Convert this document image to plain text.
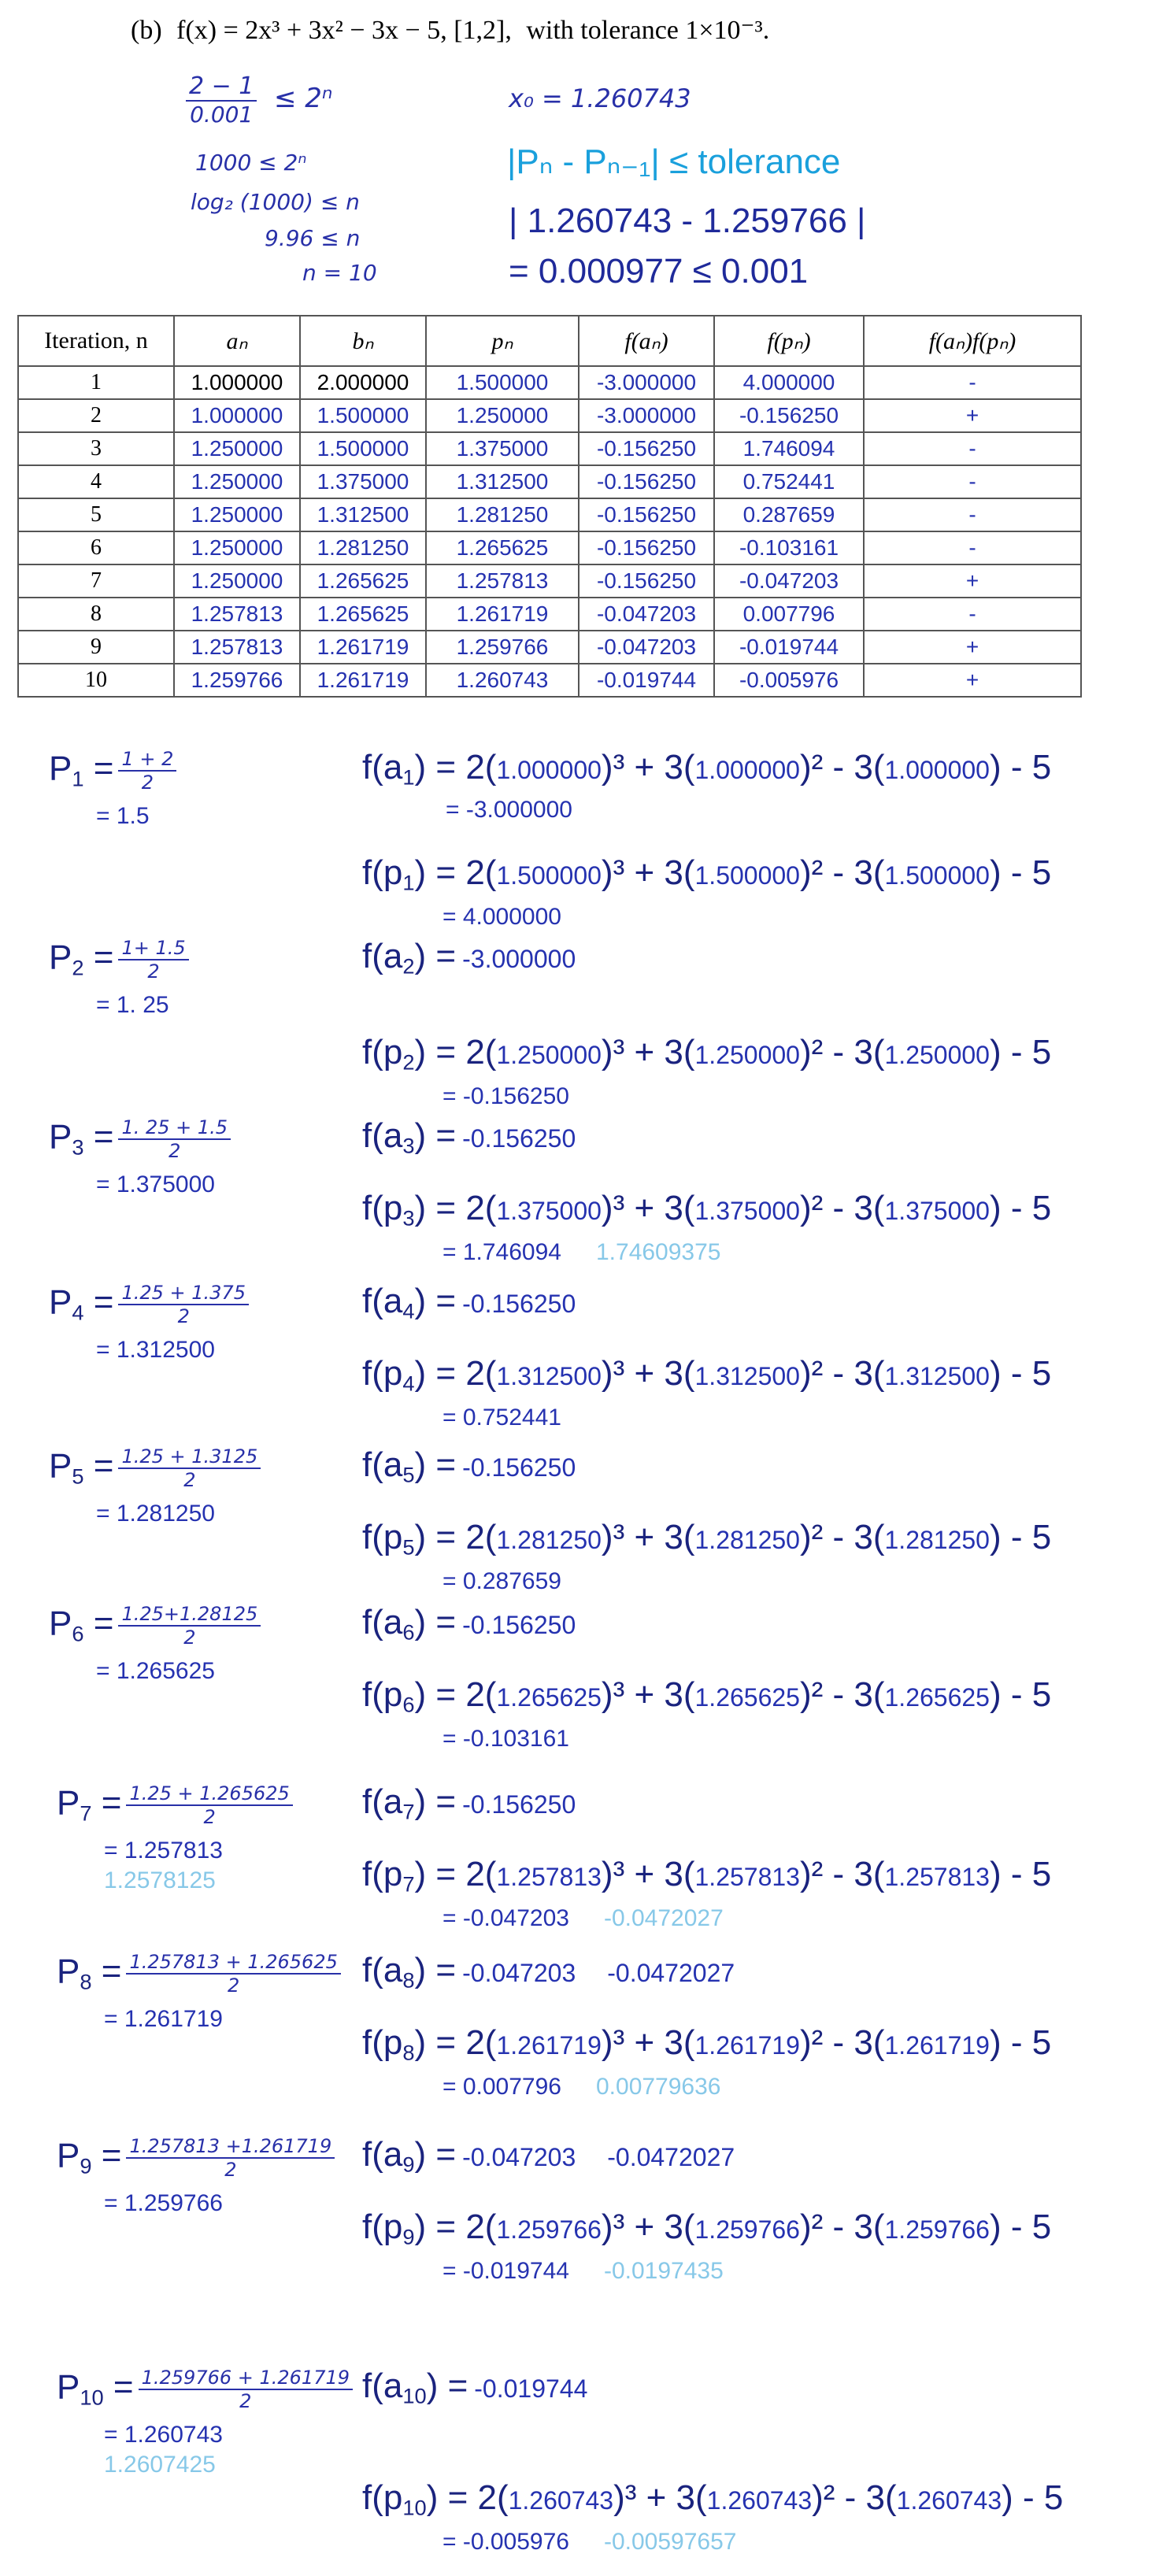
(b) f(x) = 2x³ + 3x² − 3x − 5, [1,2], with tolerance 1×10⁻³.
$\frac{2 - 1}{0.001} \le 2^n$
1000 ≤ 2ⁿ
log₂ (1000) ≤ n
9.96 ≤ n
n = 10
x₀ = 1.260743
|Pₙ - Pₙ₋₁| ≤ tolerance
| 1.260743 - 1.259766 |
= 0.000977 ≤ 0.001
Iteration, n	aₙ	bₙ	pₙ	f(aₙ)	f(pₙ)	f(aₙ)f(pₙ)
1	1.000000	2.000000	1.500000	-3.000000	4.000000	-
2	1.000000	1.500000	1.250000	-3.000000	-0.156250	+
3	1.250000	1.500000	1.375000	-0.156250	1.746094	-
4	1.250000	1.375000	1.312500	-0.156250	0.752441	-
5	1.250000	1.312500	1.281250	-0.156250	0.287659	-
6	1.250000	1.281250	1.265625	-0.156250	-0.103161	-
7	1.250000	1.265625	1.257813	-0.156250	-0.047203	+
8	1.257813	1.265625	1.261719	-0.047203	0.007796	-
9	1.257813	1.261719	1.259766	-0.047203	-0.019744	+
10	1.259766	1.261719	1.260743	-0.019744	-0.005976	+
$P_1 = \frac{1 + 2}{2}$
= 1.5
$f(a_1) = 2(1.000000)^3 + 3(1.000000)^2 - 3(1.000000) - 5$
= -3.000000
$f(p_1) = 2(1.500000)^3 + 3(1.500000)^2 - 3(1.500000) - 5$
= 4.000000
$P_2 = \frac{1+ 1.5}{2}$
= 1. 25
$f(a_2) = -3.000000$
$f(p_2) = 2(1.250000)^3 + 3(1.250000)^2 - 3(1.250000) - 5$
= -0.156250
$P_3 = \frac{1. 25 + 1.5}{2}$
= 1.375000
$f(a_3) = -0.156250$
$f(p_3) = 2(1.375000)^3 + 3(1.375000)^2 - 3(1.375000) - 5$
= 1.746094 1.74609375
$P_4 = \frac{1.25 + 1.375}{2}$
= 1.312500
$f(a_4) = -0.156250$
$f(p_4) = 2(1.312500)^3 + 3(1.312500)^2 - 3(1.312500) - 5$
= 0.752441
$P_5 = \frac{1.25 + 1.3125}{2}$
= 1.281250
$f(a_5) = -0.156250$
$f(p_5) = 2(1.281250)^3 + 3(1.281250)^2 - 3(1.281250) - 5$
= 0.287659
$P_6 = \frac{1.25+1.28125}{2}$
= 1.265625
$f(a_6) = -0.156250$
$f(p_6) = 2(1.265625)^3 + 3(1.265625)^2 - 3(1.265625) - 5$
= -0.103161
$P_7 = \frac{1.25 + 1.265625}{2}$
= 1.257813
1.2578125
$f(a_7) = -0.156250$
$f(p_7) = 2(1.257813)^3 + 3(1.257813)^2 - 3(1.257813) - 5$
= -0.047203 -0.0472027
$P_8 = \frac{1.257813 + 1.265625}{2}$
= 1.261719
$f(a_8) = -0.047203$ -0.0472027
$f(p_8) = 2(1.261719)^3 + 3(1.261719)^2 - 3(1.261719) - 5$
= 0.007796 0.00779636
$P_9 = \frac{1.257813 +1.261719}{2}$
= 1.259766
$f(a_9) = -0.047203$ -0.0472027
$f(p_9) = 2(1.259766)^3 + 3(1.259766)^2 - 3(1.259766) - 5$
= -0.019744 -0.0197435
$P_{10} = \frac{1.259766 + 1.261719}{2}$
= 1.260743
1.2607425
$f(a_{10}) = -0.019744$
$f(p_{10}) = 2(1.260743)^3 + 3(1.260743)^2 - 3(1.260743) - 5$
= -0.005976 -0.00597657
